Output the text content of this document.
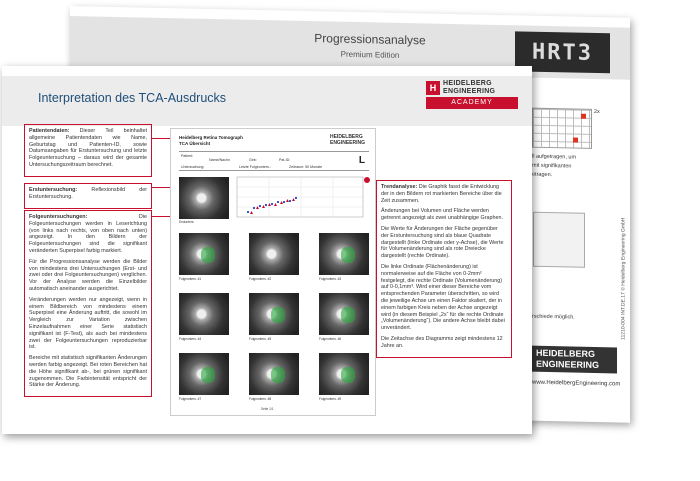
Progressionsanalyse
Premium Edition	HRT3
2x
ll aufgetragen, um
mit signifikanten
etragen.
rschiede möglich.	11210-004 INT.DE.17 © Heidelberg Engineering GmbH
HEIDELBERG
ENGINEERING
www.HeidelbergEngineering.com
Interpretation des TCA-Ausdrucks
H HEIDELBERG
ENGINEERING
ACADEMY

Patientendaten: Dieser Teil beinhaltet allgemeine Patientendaten wie Name, Geburtstag und Patienten-ID, sowie Datumsangaben für Erstuntersuchung und letzte Folgeuntersuchung – daraus wird der gesamte Untersuchungszeitraum berechnet.

Erstuntersuchung: Reflexionsbild der Erstuntersuchung.

Folgeuntersuchungen: Die Folgeuntersuchungen werden in Leserichtung (von links nach rechts, von oben nach unten) angezeigt. In den Bildern der Folgeuntersuchungen sind die signifikant veränderten Superpixel farbig markiert.

Für die Progressionsanalyse werden die Bilder von mindestens drei Untersuchungen (Erst- und zwei oder drei Folgeuntersuchungen) verglichen. Vor der Analyse werden die Einzelbilder automatisch aneinander ausgerichtet.

Veränderungen werden nur angezeigt, wenn in einem Bildbereich von mindestens einem Superpixel eine Änderung auftritt, die sowohl im Vergleich zur Variation zwischen Einzelaufnahmen einer Serie statistisch signifikant ist (F-Test), als auch bei mindestens zwei der Folgeuntersuchungen reproduzierbar ist.

Bereiche mit statistisch signifikanten Änderungen werden farbig angezeigt. Bei roten Bereichen hat die Höhe signifikant ab-, bei grünen signifikant zugenommen. Die Farbintensität entspricht der Stärke der Änderung.

Trendanalyse: Die Graphik fasst die Entwicklung der in den Bildern rot markierten Bereiche über die Zeit zusammen.

Änderungen bei Volumen und Fläche werden getrennt angezeigt als zwei unabhängige Graphen.

Die Werte für Änderungen der Fläche gegenüber der Erstuntersuchung sind als blaue Quadrate dargestellt (linke Ordinate oder y-Achse), die Werte für Volumenänderung sind als rote Dreiecke dargestellt (rechte Ordinate).

Die linke Ordinate (Flächenänderung) ist normalerweise auf die Fläche von 0-2mm² festgelegt, die rechte Ordinate (Volumenänderung) auf 0-0,1mm³. Wird einer dieser Bereiche vom entsprechenden Parameter überschritten, so wird die jeweilige Achse um einen Faktor skaliert, der in einem farbigen Kreis neben der Achse angezeigt wird (in diesem Beispiel „2x“ für die rechte Ordinate „Volumenänderung“). Die andere Achse bleibt dabei unverändert.

Die Zeitachse des Diagramms zeigt mindestens 12 Jahre an.

Heidelberg Retina Tomograph
TCA Übersicht
HEIDELBERG
ENGINEERING
Patient:
Name/Nachn	Geb:	Pat-ID:
Untersuchung:	Letzte Folgeunters.:	Zeitraum: 50 Monate
L
Erstunters.
Folgeunters. #1	Folgeunters. #2	Folgeunters. #3
Folgeunters. #4	Folgeunters. #5	Folgeunters. #6
Folgeunters. #7	Folgeunters. #8	Folgeunters. #9
Seite 1/1
